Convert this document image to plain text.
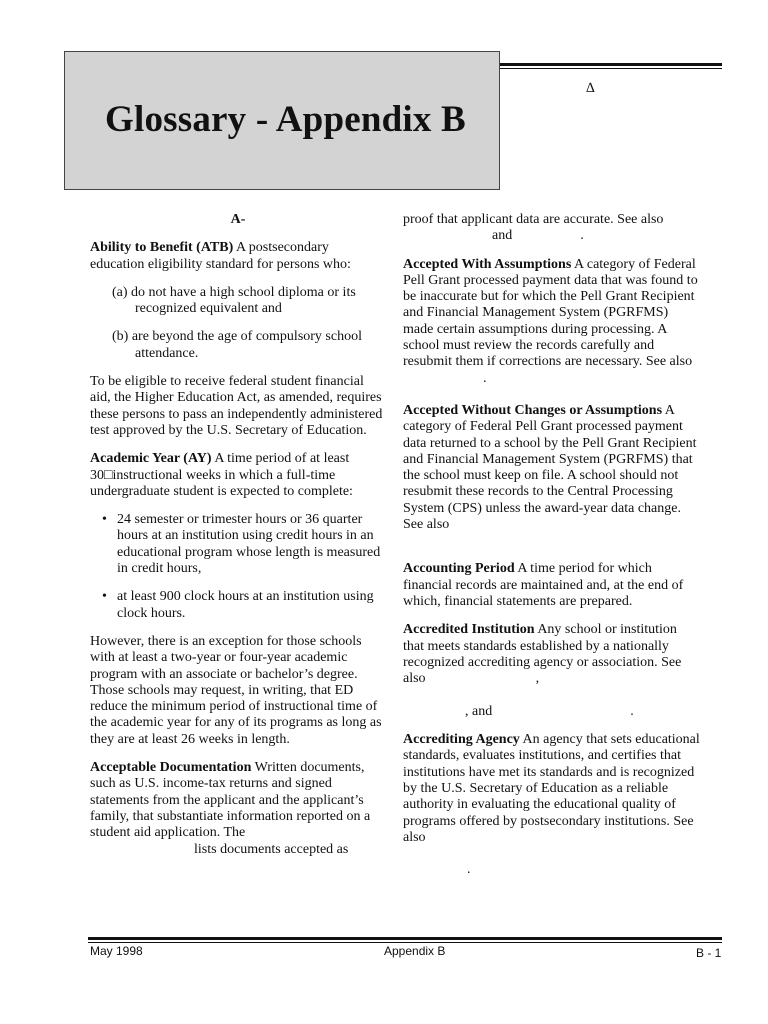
Glossary - Appendix B
∆
A-

Ability to Benefit (ATB) A postsecondary education eligibility standard for persons who:

(a) do not have a high school diploma or its recognized equivalent and

(b) are beyond the age of compulsory school attendance.

To be eligible to receive federal student financial aid, the Higher Education Act, as amended, requires these persons to pass an independently administered test approved by the U.S. Secretary of Education.

Academic Year (AY) A time period of at least 30□instructional weeks in which a full-time undergraduate student is expected to complete:

• 24 semester or trimester hours or 36 quarter hours at an institution using credit hours in an educational program whose length is measured in credit hours,

• at least 900 clock hours at an institution using clock hours.

However, there is an exception for those schools with at least a two-year or four-year academic program with an associate or bachelor’s degree. Those schools may request, in writing, that ED reduce the minimum period of instructional time of the academic year for any of its programs as long as they are at least 26 weeks in length.

Acceptable Documentation Written documents, such as U.S. income-tax returns and signed statements from the applicant and the applicant’s family, that substantiate information reported on a student aid application. The
lists documents accepted as

proof that applicant data are accurate. See also
and	.

Accepted With Assumptions A category of Federal Pell Grant processed payment data that was found to be inaccurate but for which the Pell Grant Recipient and Financial Management System (PGRFMS) made certain assumptions during processing. A school must review the records carefully and resubmit them if corrections are necessary. See also
.

Accepted Without Changes or Assumptions A category of Federal Pell Grant processed payment data returned to a school by the Pell Grant Recipient and Financial Management System (PGRFMS) that the school must keep on file. A school should not resubmit these records to the Central Processing System (CPS) unless the award-year data change. See also

Accounting Period A time period for which financial records are maintained and, at the end of which, financial statements are prepared.

Accredited Institution Any school or institution that meets standards established by a nationally recognized accrediting agency or association. See also	,

, and	.

Accrediting Agency An agency that sets educational standards, evaluates institutions, and certifies that institutions have met its standards and is recognized by the U.S. Secretary of Education as a reliable authority in evaluating the educational quality of programs offered by postsecondary institutions. See also

.

May 1998	Appendix B	B - 1
